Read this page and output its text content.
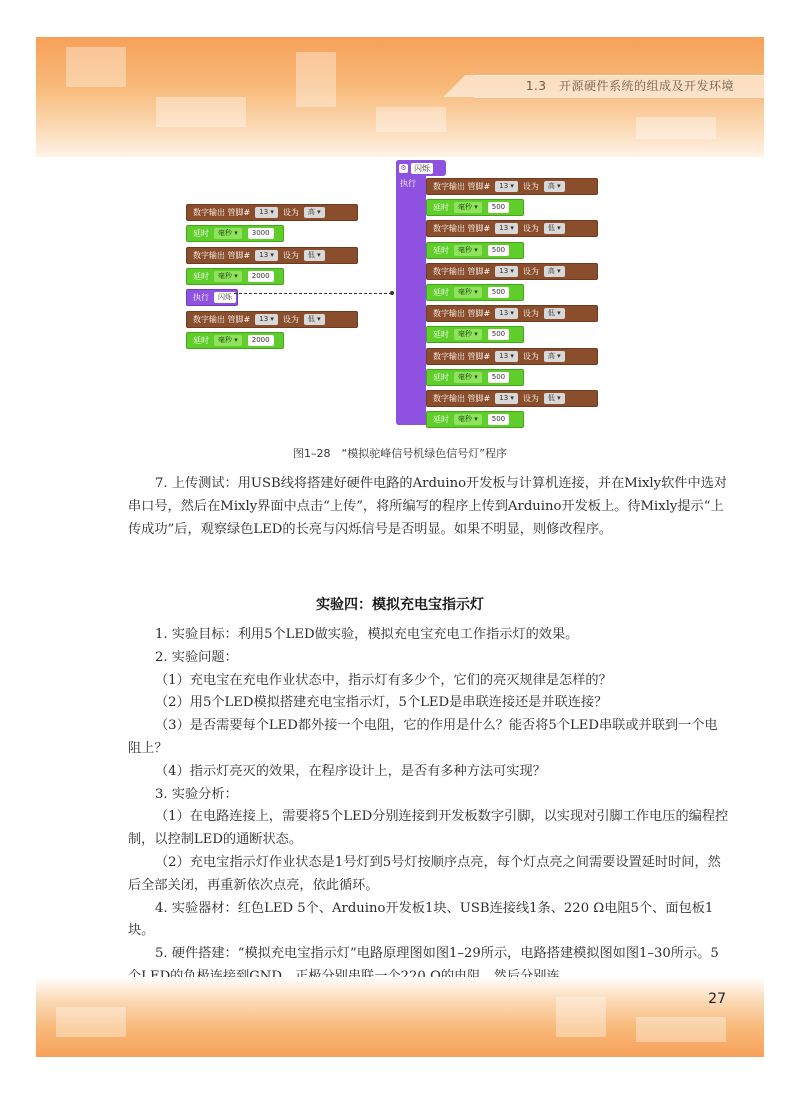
1.3　开源硬件系统的组成及开发环境
数字输出 管脚#	13 ▾	设为	高 ▾
延时	毫秒 ▾	3000
数字输出 管脚#	13 ▾	设为	低 ▾
延时	毫秒 ▾	2000
执行	闪烁
数字输出 管脚#	13 ▾	设为	低 ▾
延时	毫秒 ▾	2000
⚙ 闪烁
执行 数字输出 管脚#	13 ▾	设为	高 ▾
延时	毫秒 ▾	500
数字输出 管脚#	13 ▾	设为	低 ▾
延时	毫秒 ▾	500
数字输出 管脚#	13 ▾	设为	高 ▾
延时	毫秒 ▾	500
数字输出 管脚#	13 ▾	设为	低 ▾
延时	毫秒 ▾	500
数字输出 管脚#	13 ▾	设为	高 ▾
延时	毫秒 ▾	500
数字输出 管脚#	13 ▾	设为	低 ▾
延时	毫秒 ▾	500
图1–28　“模拟驼峰信号机绿色信号灯”程序

7. 上传测试：用USB线将搭建好硬件电路的Arduino开发板与计算机连接，并在Mixly软件中选对串口号，然后在Mixly界面中点击“上传”，将所编写的程序上传到Arduino开发板上。待Mixly提示“上传成功”后，观察绿色LED的长亮与闪烁信号是否明显。如果不明显，则修改程序。

实验四：模拟充电宝指示灯

1. 实验目标：利用5个LED做实验，模拟充电宝充电工作指示灯的效果。

2. 实验问题：

（1）充电宝在充电作业状态中，指示灯有多少个，它们的亮灭规律是怎样的？

（2）用5个LED模拟搭建充电宝指示灯，5个LED是串联连接还是并联连接？

（3）是否需要每个LED都外接一个电阻，它的作用是什么？能否将5个LED串联或并联到一个电阻上？

（4）指示灯亮灭的效果，在程序设计上，是否有多种方法可实现？

3. 实验分析：

（1）在电路连接上，需要将5个LED分别连接到开发板数字引脚，以实现对引脚工作电压的编程控制，以控制LED的通断状态。

（2）充电宝指示灯作业状态是1号灯到5号灯按顺序点亮，每个灯点亮之间需要设置延时时间，然后全部关闭，再重新依次点亮，依此循环。

4. 实验器材：红色LED 5个、Arduino开发板1块、USB连接线1条、220 Ω电阻5个、面包板1块。

5. 硬件搭建：“模拟充电宝指示灯”电路原理图如图1–29所示，电路搭建模拟图如图1–30所示。5

27
